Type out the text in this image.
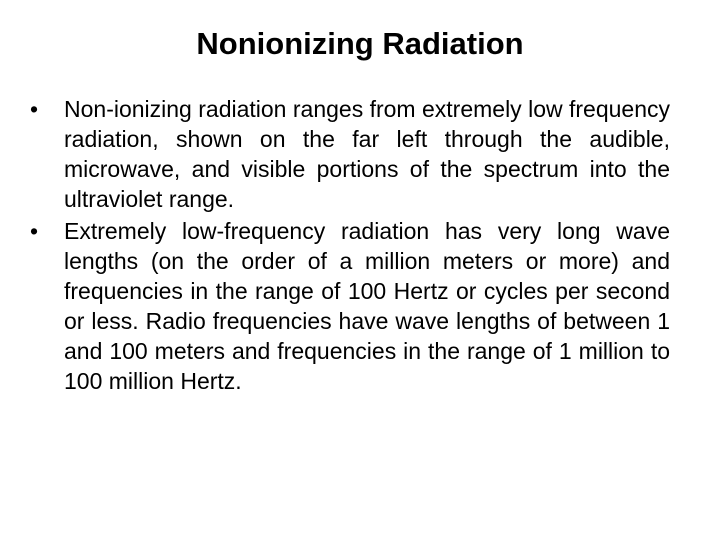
Nonionizing Radiation
•	Non-ionizing radiation ranges from extremely low frequency radiation, shown on the far left through the audible, microwave, and visible portions of the spectrum into the ultraviolet range.
•	Extremely low-frequency radiation has very long wave lengths (on the order of a million meters or more) and frequencies in the range of 100 Hertz or cycles per second or less. Radio frequencies have wave lengths of between 1 and 100 meters and frequencies in the range of 1 million to 100 million Hertz.
